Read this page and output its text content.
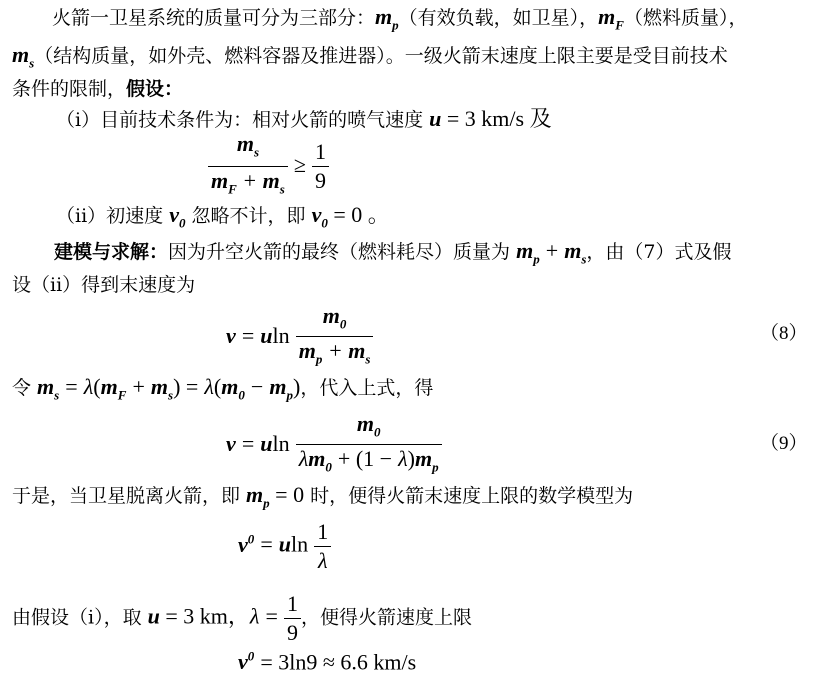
火箭一卫星系统的质量可分为三部分：$m_p$（有效负载，如卫星），$m_F$（燃料质量），
$m_s$（结构质量，如外壳、燃料容器及推进器）。一级火箭末速度上限主要是受目前技术
条件的限制，假设：
（i）目前技术条件为：相对火箭的喷气速度 u = 3 km/s 及
$\frac{m_s}{m_F + m_s} \ge \frac{1}{9}$
（ii）初速度 $v_0$ 忽略不计，即 $v_0 = 0$ 。
建模与求解：因为升空火箭的最终（燃料耗尽）质量为 $m_p + m_s$，由（7）式及假
设（ii）得到末速度为
v = uln $\frac{m_0}{m_p + m_s}$	（8）
令 $m_s = \lambda(m_F + m_s) = \lambda(m_0 - m_p)$，代入上式，得
v = uln $\frac{m_0}{\lambda m_0 + (1 - \lambda)m_p}$	（9）
于是，当卫星脱离火箭，即 $m_p = 0$ 时，便得火箭末速度上限的数学模型为
$v^0 = uln \frac{1}{\lambda}$
由假设（i），取 u = 3 km，$\lambda = \frac{1}{9}$ ，便得火箭速度上限
$v^0 = 3\ln 9 \approx 6.6$ km/s
